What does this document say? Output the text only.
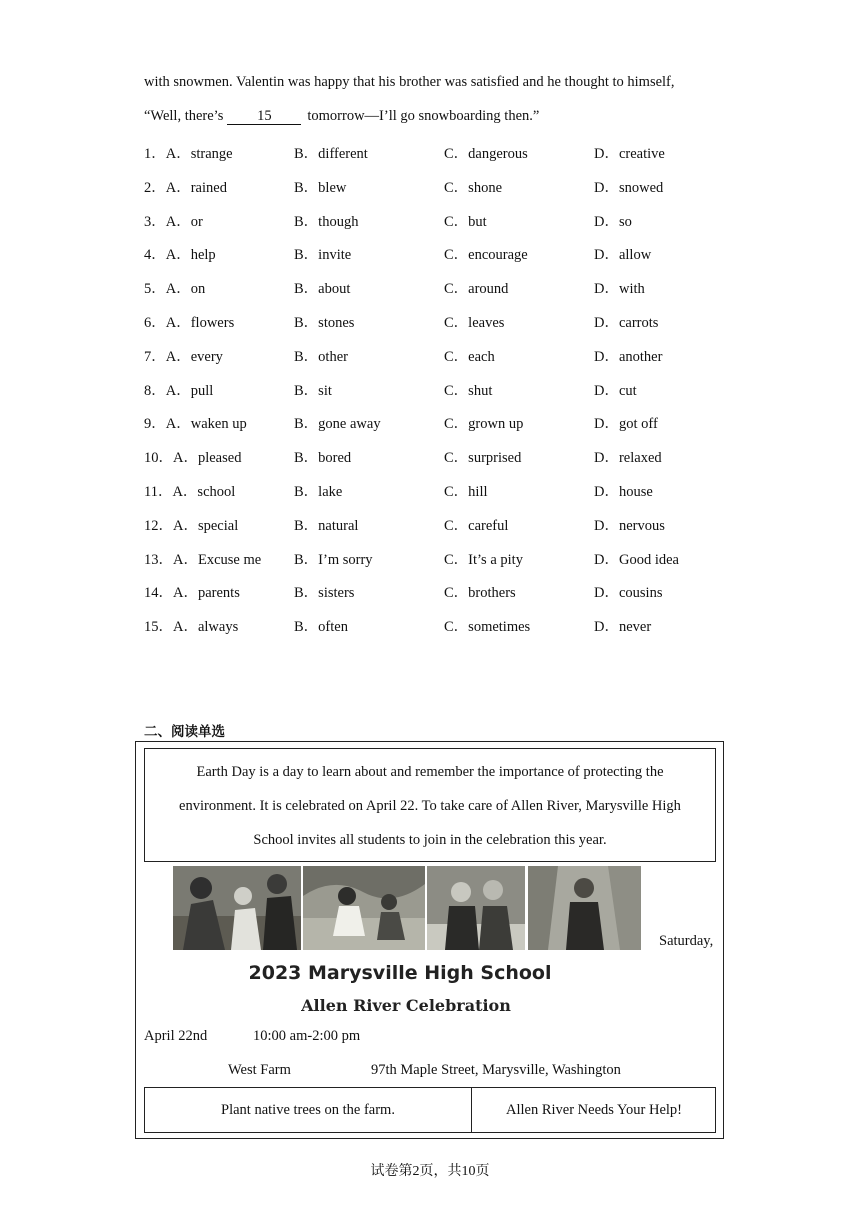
with snowmen. Valentin was happy that his brother was satisfied and he thought to himself,
“Well, there’s 15 tomorrow—I’ll go snowboarding then.”
1．A．strange	B．different	C．dangerous	D．creative
2．A．rained	B．blew	C．shone	D．snowed
3．A．or	B．though	C．but	D．so
4．A．help	B．invite	C．encourage	D．allow
5．A．on	B．about	C．around	D．with
6．A．flowers	B．stones	C．leaves	D．carrots
7．A．every	B．other	C．each	D．another
8．A．pull	B．sit	C．shut	D．cut
9．A．waken up	B．gone away	C．grown up	D．got off
10．A．pleased	B．bored	C．surprised	D．relaxed
11．A．school	B．lake	C．hill	D．house
12．A．special	B．natural	C．careful	D．nervous
13．A．Excuse me B．I’m sorry	C．It’s a pity	D．Good idea
14．A．parents	B．sisters	C．brothers	D．cousins
15．A．always	B．often	C．sometimes	D．never
二、阅读单选
Earth Day is a day to learn about and remember the importance of protecting the
environment. It is celebrated on April 22. To take care of Allen River, Marysville High
School invites all students to join in the celebration this year.
Saturday,
2023 Marysville High School
Allen River Celebration
April 22nd	10:00 am-2:00 pm
West Farm	97th Maple Street, Marysville, Washington
Plant native trees on the farm.	Allen River Needs Your Help!
试卷第2页，共10页
